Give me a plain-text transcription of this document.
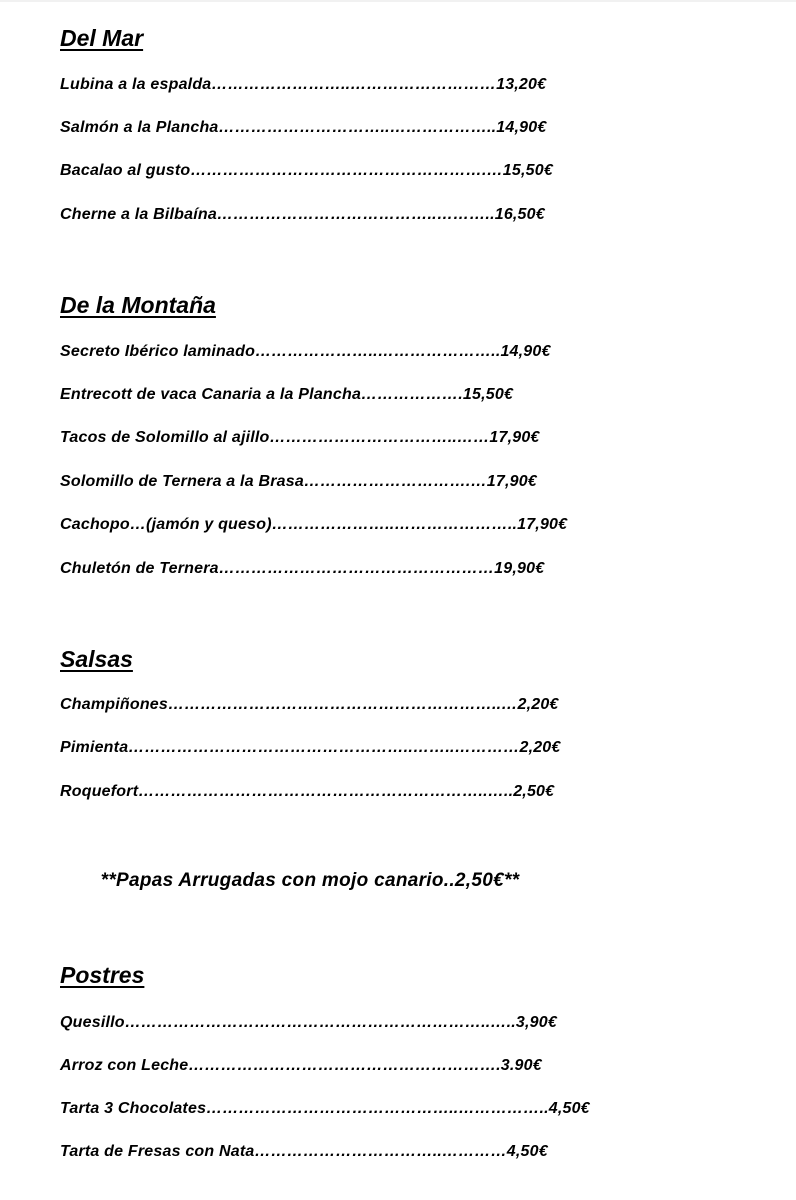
Del Mar

Lubina a la espalda……………………..………………………13,20€

Salmón a la Plancha…………………………..………………..14,90€

Bacalao al gusto……………………………………………….…15,50€

Cherne a la Bilbaína…………………………………..………..16,50€

De la Montaña

Secreto Ibérico laminado…………………..…………………..14,90€

Entrecott de vaca Canaria a la Plancha……………….15,50€

Tacos de Solomillo al ajillo……………………………..……17,90€

Solomillo de Ternera a la Brasa………………………….…17,90€

Cachopo…(jamón y queso)…………………..…………………..17,90€

Chuletón de Ternera……………………………………………19,90€

Salsas

Champiñones……………………………………………………..…2,20€

Pimienta……………………………………………..……..…………2,20€

Roquefort………………………………………………………..…..2,50€

**Papas Arrugadas con mojo canario..2,50€**

Postres

Quesillo…………………………………………………………..…..3,90€

Arroz con Leche………………………………………………….3.90€

Tarta 3 Chocolates………………………………………..……………..4,50€

Tarta de Fresas con Nata……………………………..…………4,50€
